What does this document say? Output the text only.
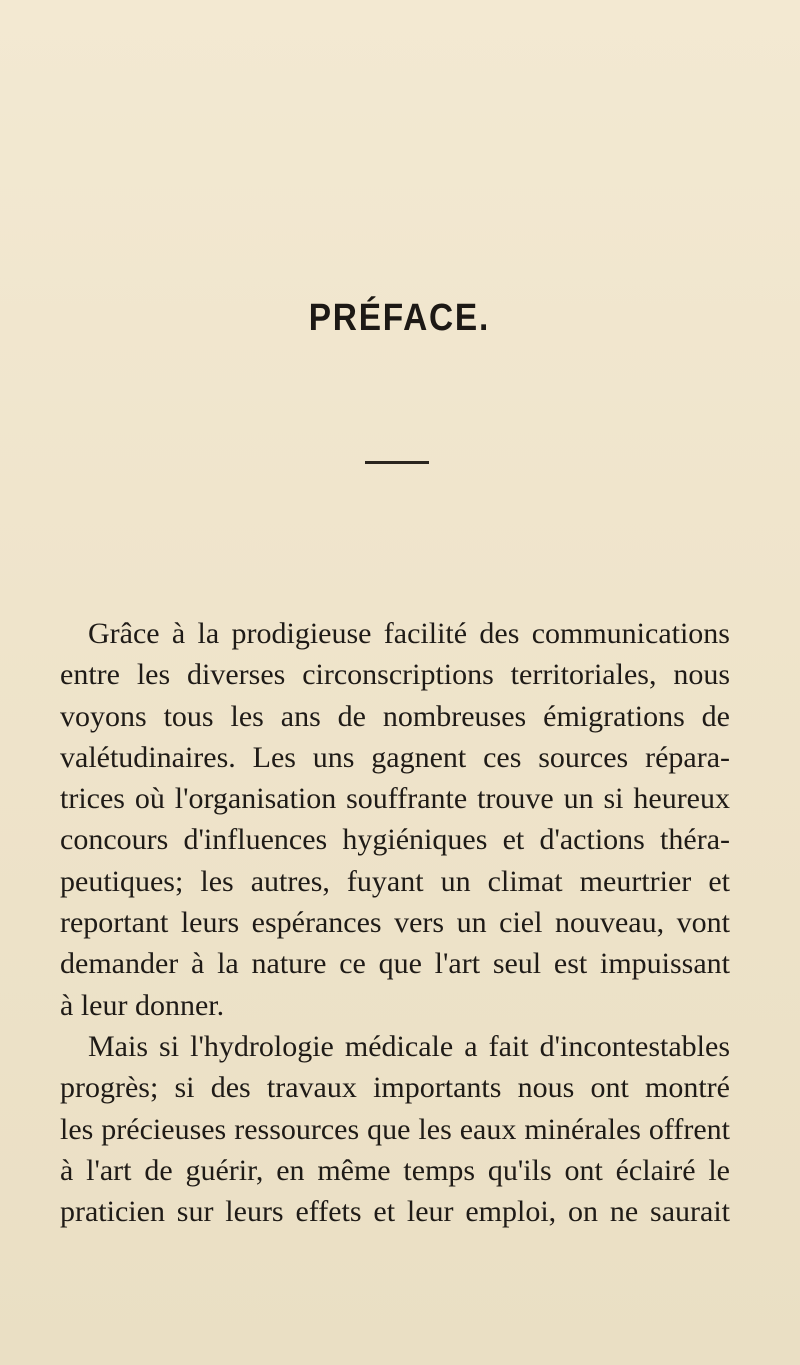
PRÉFACE.
Grâce à la prodigieuse facilité des communications
entre les diverses circonscriptions territoriales, nous
voyons tous les ans de nombreuses émigrations de
valétudinaires. Les uns gagnent ces sources répara-
trices où l'organisation souffrante trouve un si heureux
concours d'influences hygiéniques et d'actions théra-
peutiques; les autres, fuyant un climat meurtrier et
reportant leurs espérances vers un ciel nouveau, vont
demander à la nature ce que l'art seul est impuissant
à leur donner.
Mais si l'hydrologie médicale a fait d'incontestables
progrès; si des travaux importants nous ont montré
les précieuses ressources que les eaux minérales offrent
à l'art de guérir, en même temps qu'ils ont éclairé le
praticien sur leurs effets et leur emploi, on ne saurait
